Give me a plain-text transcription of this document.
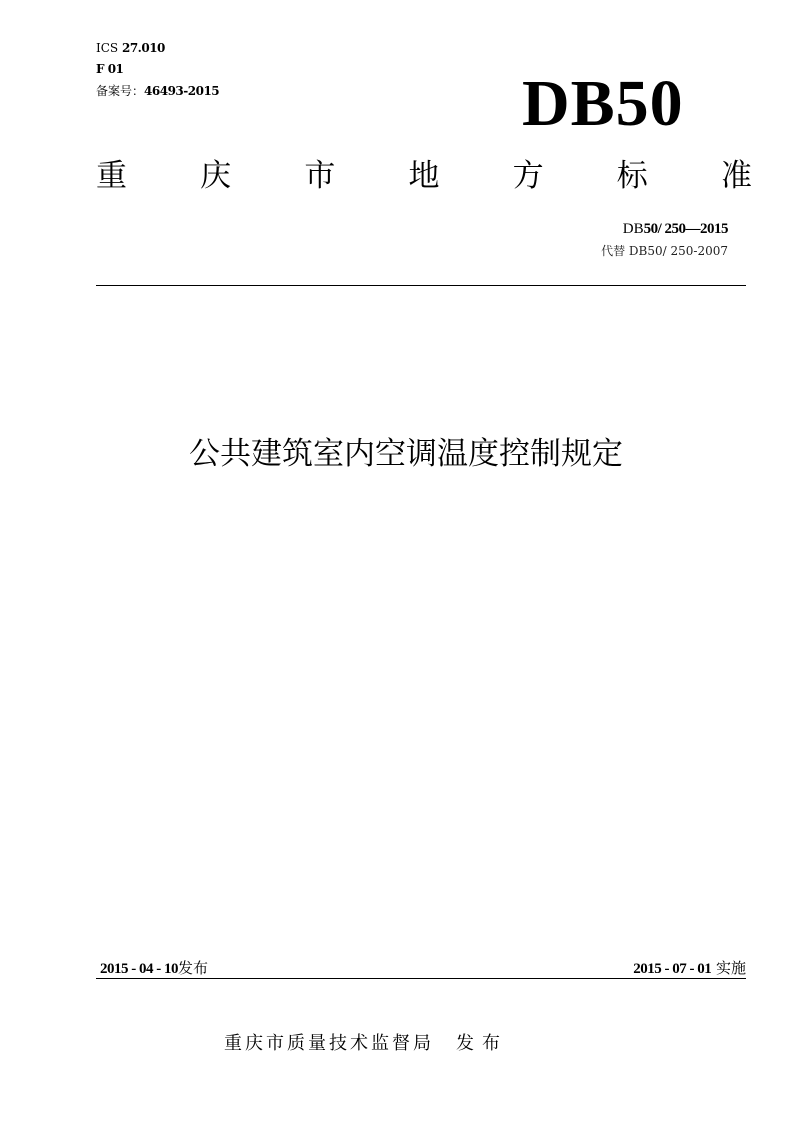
ICS 27.010
F 01
备案号：46493-2015	DB50
重 庆 市 地 方 标 准
DB50/ 250—2015
代替 DB50/ 250-2007
公共建筑室内空调温度控制规定
2015 - 04 - 10发布	2015 - 07 - 01 实施
重庆市质量技术监督局 发布
